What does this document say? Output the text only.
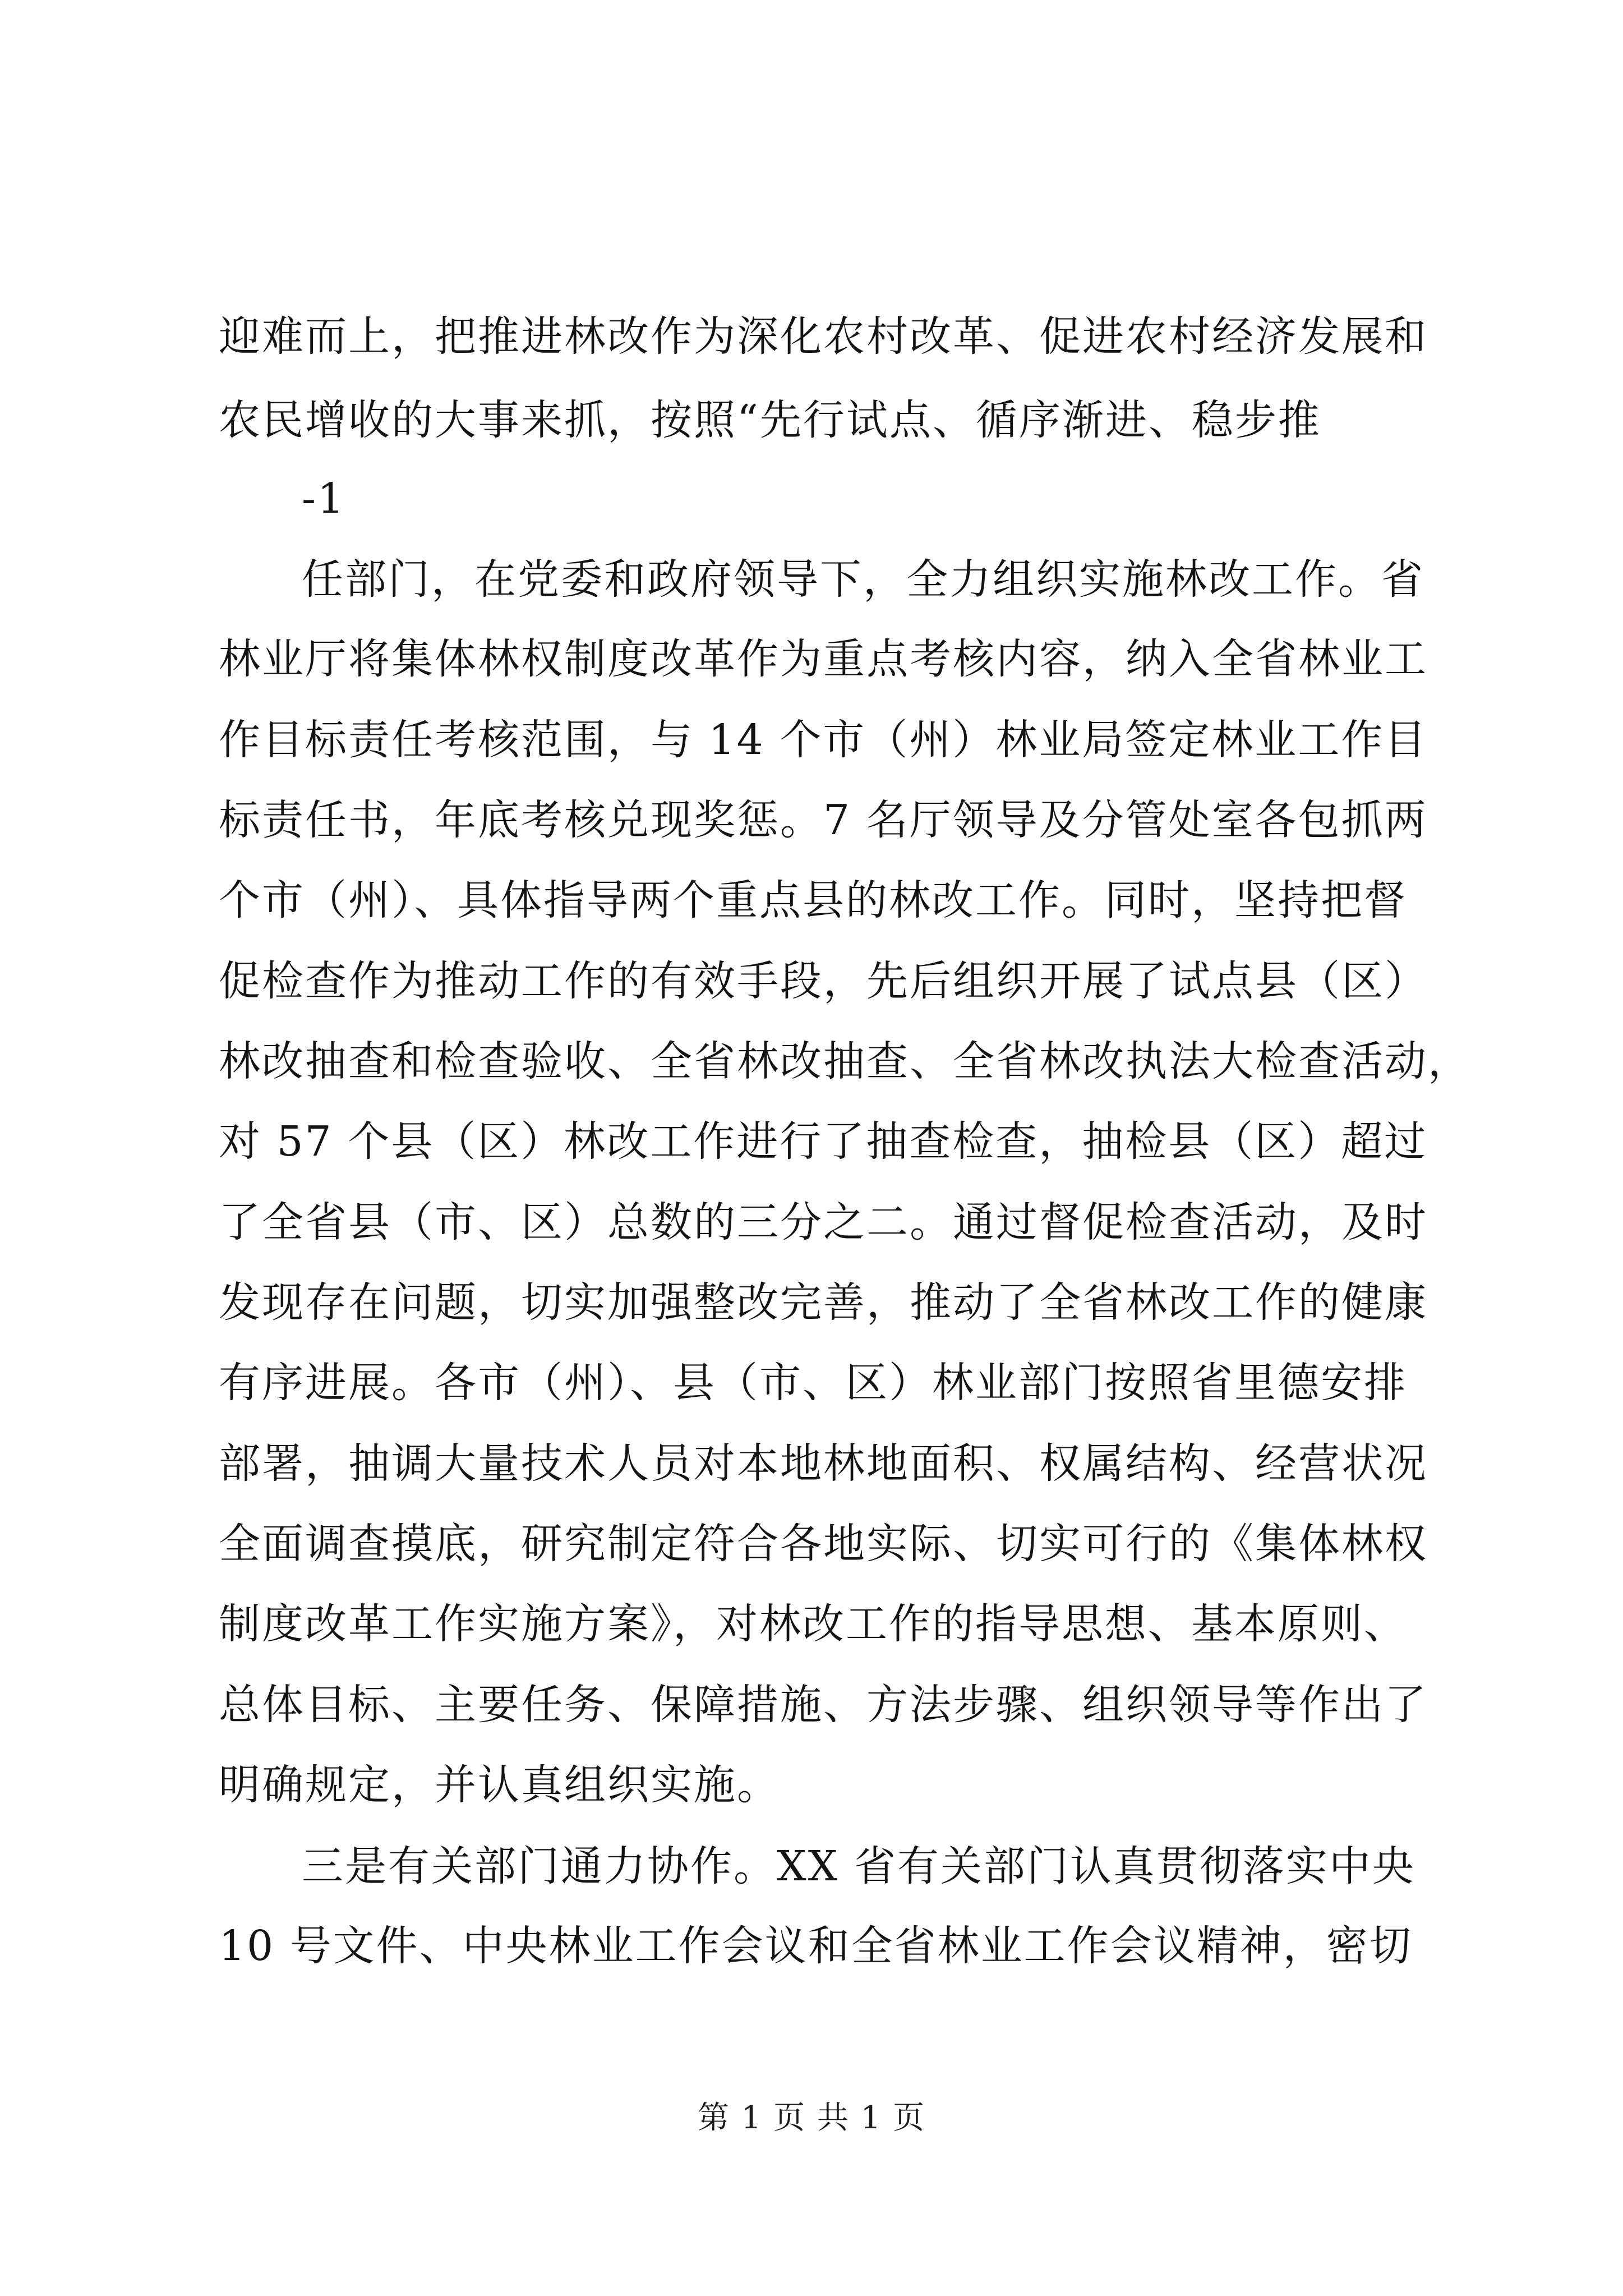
迎难而上，把推进林改作为深化农村改革、促进农村经济发展和
农民增收的大事来抓，按照“先行试点、循序渐进、稳步推
-1
任部门，在党委和政府领导下，全力组织实施林改工作。省
林业厅将集体林权制度改革作为重点考核内容，纳入全省林业工
作目标责任考核范围，与 14 个市（州）林业局签定林业工作目
标责任书，年底考核兑现奖惩。7 名厅领导及分管处室各包抓两
个市（州）、具体指导两个重点县的林改工作。同时，坚持把督
促检查作为推动工作的有效手段，先后组织开展了试点县（区）
林改抽查和检查验收、全省林改抽查、全省林改执法大检查活动，
对 57 个县（区）林改工作进行了抽查检查，抽检县（区）超过
了全省县（市、区）总数的三分之二。通过督促检查活动，及时
发现存在问题，切实加强整改完善，推动了全省林改工作的健康
有序进展。各市（州）、县（市、区）林业部门按照省里德安排
部署，抽调大量技术人员对本地林地面积、权属结构、经营状况
全面调查摸底，研究制定符合各地实际、切实可行的《集体林权
制度改革工作实施方案》，对林改工作的指导思想、基本原则、
总体目标、主要任务、保障措施、方法步骤、组织领导等作出了
明确规定，并认真组织实施。
三是有关部门通力协作。XX 省有关部门认真贯彻落实中央
10 号文件、中央林业工作会议和全省林业工作会议精神，密切
第 1 页 共 1 页
